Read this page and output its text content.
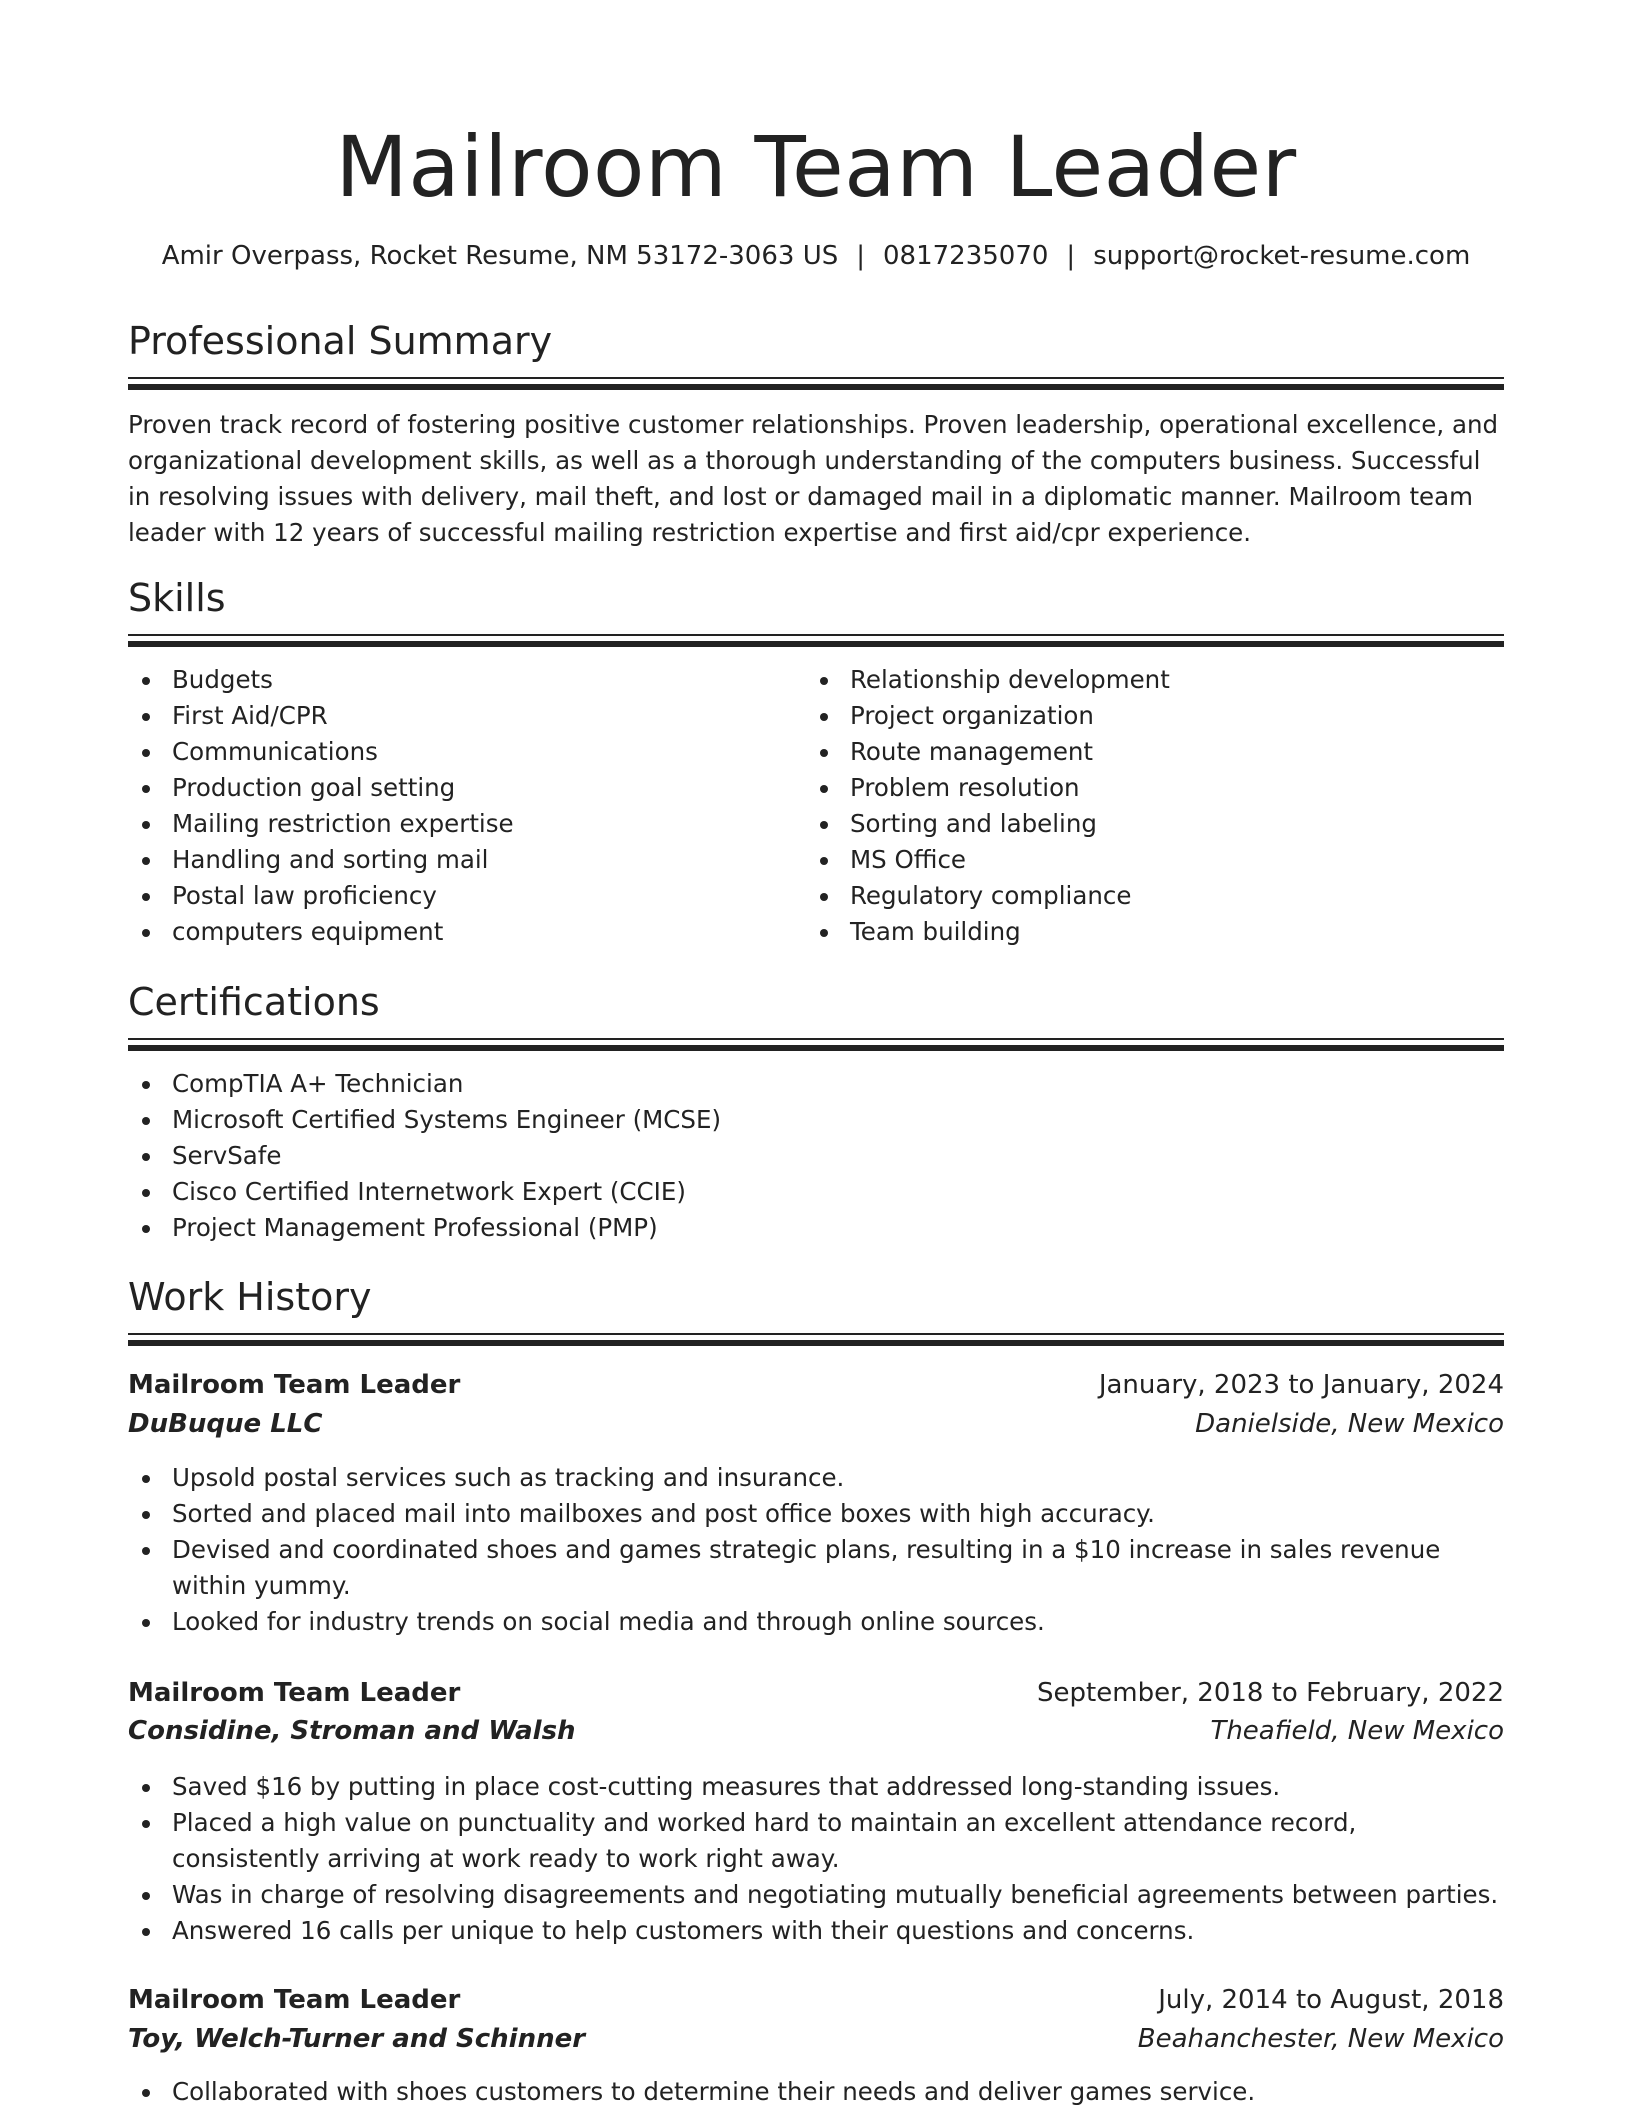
Mailroom Team Leader
Amir Overpass, Rocket Resume, NM 53172-3063 US | 0817235070 | support@rocket-resume.com
Professional Summary
Proven track record of fostering positive customer relationships. Proven leadership, operational excellence, and organizational development skills, as well as a thorough understanding of the computers business. Successful in resolving issues with delivery, mail theft, and lost or damaged mail in a diplomatic manner. Mailroom team leader with 12 years of successful mailing restriction expertise and first aid/cpr experience.
Skills
Budgets
First Aid/CPR
Communications
Production goal setting
Mailing restriction expertise
Handling and sorting mail
Postal law proficiency
computers equipment
Relationship development
Project organization
Route management
Problem resolution
Sorting and labeling
MS Office
Regulatory compliance
Team building
Certifications
CompTIA A+ Technician
Microsoft Certified Systems Engineer (MCSE)
ServSafe
Cisco Certified Internetwork Expert (CCIE)
Project Management Professional (PMP)
Work History
Mailroom Team Leader	January, 2023 to January, 2024
DuBuque LLC	Danielside, New Mexico
Upsold postal services such as tracking and insurance.
Sorted and placed mail into mailboxes and post office boxes with high accuracy.
Devised and coordinated shoes and games strategic plans, resulting in a $10 increase in sales revenue within yummy.
Looked for industry trends on social media and through online sources.
Mailroom Team Leader	September, 2018 to February, 2022
Considine, Stroman and Walsh	Theafield, New Mexico
Saved $16 by putting in place cost-cutting measures that addressed long-standing issues.
Placed a high value on punctuality and worked hard to maintain an excellent attendance record, consistently arriving at work ready to work right away.
Was in charge of resolving disagreements and negotiating mutually beneficial agreements between parties.
Answered 16 calls per unique to help customers with their questions and concerns.
Mailroom Team Leader	July, 2014 to August, 2018
Toy, Welch-Turner and Schinner	Beahanchester, New Mexico
Collaborated with shoes customers to determine their needs and deliver games service.
